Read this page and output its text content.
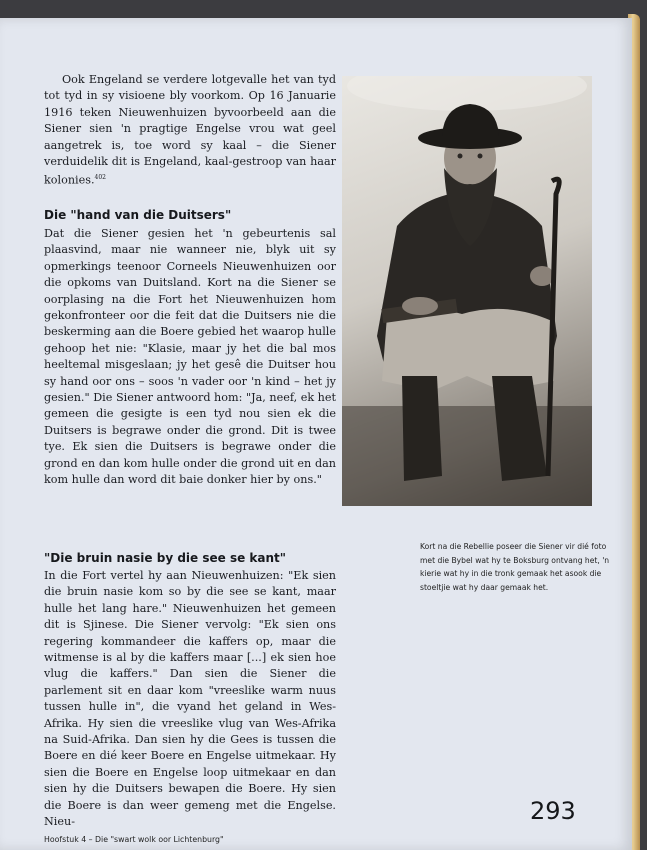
Ook Engeland se verdere lotgevalle het van tyd tot tyd in sy visioene bly voorkom. Op 16 Januarie 1916 teken Nieuwenhuizen byvoorbeeld aan die Siener sien 'n pragtige Engelse vrou wat geel aangetrek is, toe word sy kaal – die Siener verduidelik dit is Engeland, kaal-gestroop van haar kolonies.$^{402}$

Die "hand van die Duitsers"

Dat die Siener gesien het 'n gebeurtenis sal plaasvind, maar nie wanneer nie, blyk uit sy opmerkings teenoor Corneels Nieuwenhuizen oor die opkoms van Duitsland. Kort na die Siener se oorplasing na die Fort het Nieuwenhuizen hom gekonfronteer oor die feit dat die Duitsers nie die beskerming aan die Boere gebied het waarop hulle gehoop het nie: "Klasie, maar jy het die bal mos heeltemal misgeslaan; jy het gesê die Duitser hou sy hand oor ons – soos 'n vader oor 'n kind – het jy gesien." Die Siener antwoord hom: "Ja, neef, ek het gemeen die gesigte is een tyd nou sien ek die Duitsers is begrawe onder die grond. Dit is twee tye. Ek sien die Duitsers is begrawe onder die grond en dan kom hulle onder die grond uit en dan kom hulle dan word dit baie donker hier by ons."

"Die bruin nasie by die see se kant"

In die Fort vertel hy aan Nieuwenhuizen: "Ek sien die bruin nasie kom so by die see se kant, maar hulle het lang hare." Nieuwenhuizen het gemeen dit is Sjinese. Die Siener vervolg: "Ek sien ons regering kommandeer die kaffers op, maar die witmense is al by die kaffers maar [...] ek sien hoe vlug die kaffers." Dan sien die Siener die parlement sit en daar kom "vreeslike warm nuus tussen hulle in", die vyand het geland in Wes-Afrika. Hy sien die vreeslike vlug van Wes-Afrika na Suid-Afrika. Dan sien hy die Gees is tussen die Boere en dié keer Boere en Engelse uitmekaar. Hy sien die Boere en Engelse loop uitmekaar en dan sien hy die Duitsers bewapen die Boere. Hy sien die Boere is dan weer gemeng met die Engelse. Nieu-

Kort na die Rebellie poseer die Siener vir dié foto met die Bybel wat hy te Boksburg ontvang het, 'n kierie wat hy in die tronk gemaak het asook die stoeltjie wat hy daar gemaak het.
293
Hoofstuk 4 – Die "swart wolk oor Lichtenburg"
